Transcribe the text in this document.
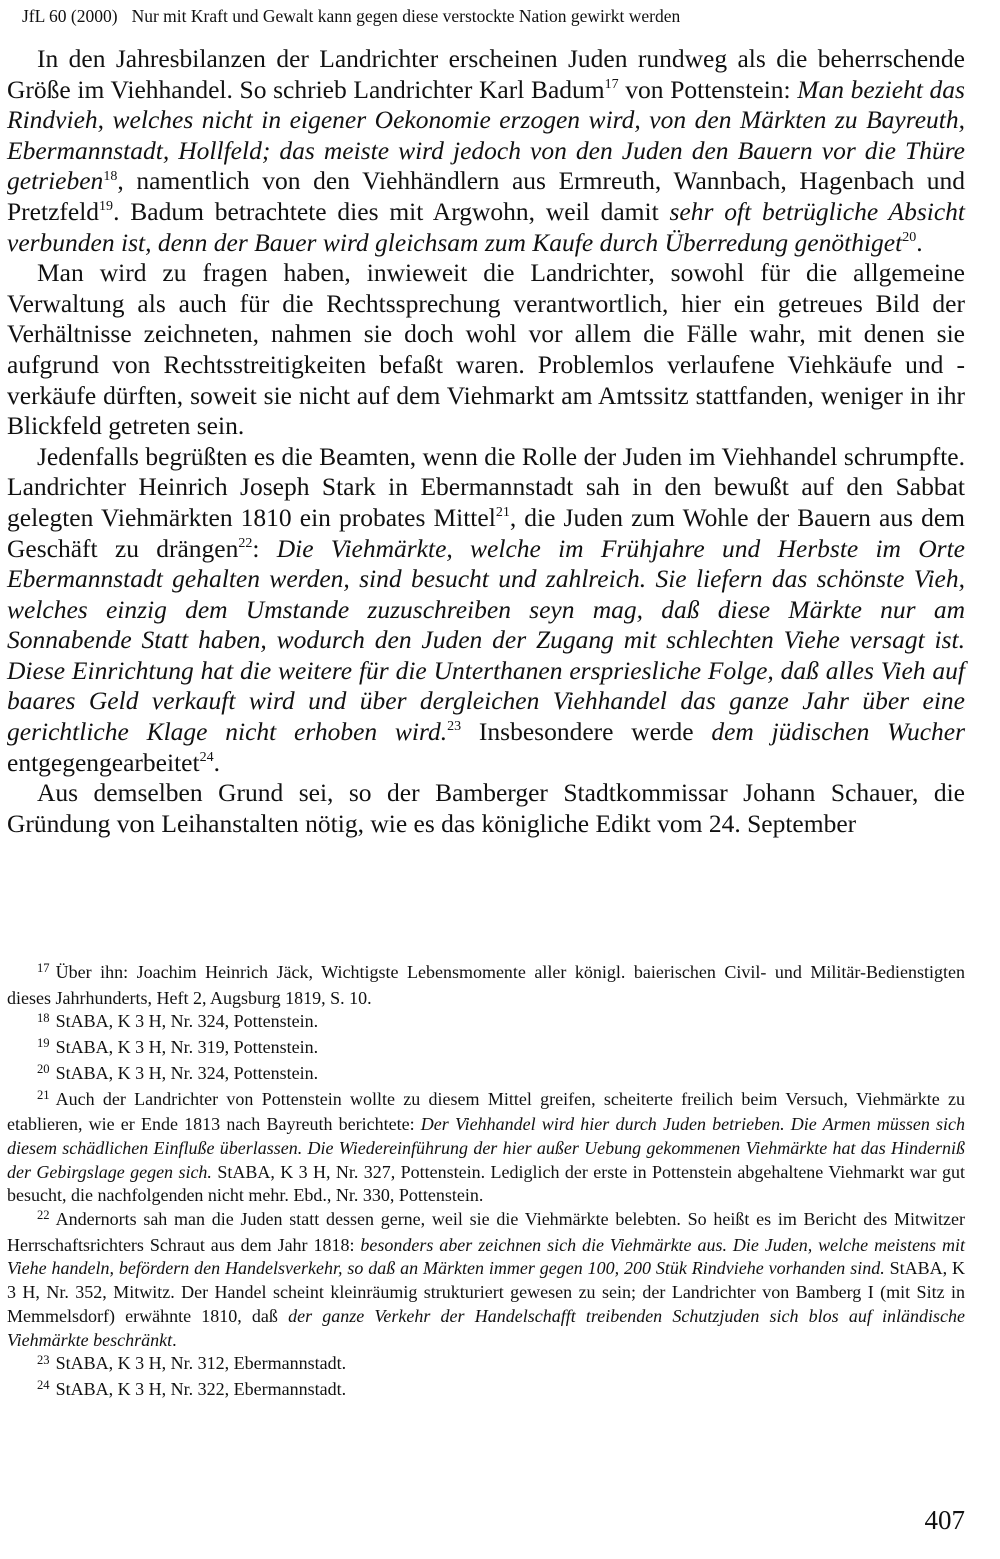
JfL 60 (2000) Nur mit Kraft und Gewalt kann gegen diese verstockte Nation gewirkt werden

In den Jahresbilanzen der Landrichter erscheinen Juden rundweg als die beherrschende Größe im Viehhandel. So schrieb Landrichter Karl Badum$^{17}$ von Pottenstein: Man bezieht das Rindvieh, welches nicht in eigener Oekonomie erzogen wird, von den Märkten zu Bayreuth, Ebermannstadt, Hollfeld; das meiste wird jedoch von den Juden den Bauern vor die Thüre getrieben$^{18}$, namentlich von den Viehhändlern aus Ermreuth, Wannbach, Hagenbach und Pretzfeld$^{19}$. Badum betrachtete dies mit Argwohn, weil damit sehr oft betrügliche Absicht verbunden ist, denn der Bauer wird gleichsam zum Kaufe durch Überredung genöthiget$^{20}$.

Man wird zu fragen haben, inwieweit die Landrichter, sowohl für die allgemeine Verwaltung als auch für die Rechtssprechung verantwortlich, hier ein getreues Bild der Verhältnisse zeichneten, nahmen sie doch wohl vor allem die Fälle wahr, mit denen sie aufgrund von Rechtsstreitigkeiten befaßt waren. Problemlos verlaufene Viehkäufe und -verkäufe dürften, soweit sie nicht auf dem Viehmarkt am Amtssitz stattfanden, weniger in ihr Blickfeld getreten sein.

Jedenfalls begrüßten es die Beamten, wenn die Rolle der Juden im Viehhandel schrumpfte. Landrichter Heinrich Joseph Stark in Ebermannstadt sah in den bewußt auf den Sabbat gelegten Viehmärkten 1810 ein probates Mittel$^{21}$, die Juden zum Wohle der Bauern aus dem Geschäft zu drängen$^{22}$: Die Viehmärkte, welche im Frühjahre und Herbste im Orte Ebermannstadt gehalten werden, sind besucht und zahlreich. Sie liefern das schönste Vieh, welches einzig dem Umstande zuzuschreiben seyn mag, daß diese Märkte nur am Sonnabende Statt haben, wodurch den Juden der Zugang mit schlechten Viehe versagt ist. Diese Einrichtung hat die weitere für die Unterthanen erspriesliche Folge, daß alles Vieh auf baares Geld verkauft wird und über dergleichen Viehhandel das ganze Jahr über eine gerichtliche Klage nicht erhoben wird.$^{23}$ Insbesondere werde dem jüdischen Wucher entgegengearbeitet$^{24}$.

Aus demselben Grund sei, so der Bamberger Stadtkommissar Johann Schauer, die Gründung von Leihanstalten nötig, wie es das königliche Edikt vom 24. September

$^{17}$ Über ihn: Joachim Heinrich Jäck, Wichtigste Lebensmomente aller königl. baierischen Civil- und Militär-Bedienstigten dieses Jahrhunderts, Heft 2, Augsburg 1819, S. 10.

$^{18}$ StABA, K 3 H, Nr. 324, Pottenstein.

$^{19}$ StABA, K 3 H, Nr. 319, Pottenstein.

$^{20}$ StABA, K 3 H, Nr. 324, Pottenstein.

$^{21}$ Auch der Landrichter von Pottenstein wollte zu diesem Mittel greifen, scheiterte freilich beim Versuch, Viehmärkte zu etablieren, wie er Ende 1813 nach Bayreuth berichtete: Der Viehhandel wird hier durch Juden betrieben. Die Armen müssen sich diesem schädlichen Einfluße überlassen. Die Wiedereinführung der hier außer Uebung gekommenen Viehmärkte hat das Hinderniß der Gebirgslage gegen sich. StABA, K 3 H, Nr. 327, Pottenstein. Lediglich der erste in Pottenstein abgehaltene Viehmarkt war gut besucht, die nachfolgenden nicht mehr. Ebd., Nr. 330, Pottenstein.

$^{22}$ Andernorts sah man die Juden statt dessen gerne, weil sie die Viehmärkte belebten. So heißt es im Bericht des Mitwitzer Herrschaftsrichters Schraut aus dem Jahr 1818: besonders aber zeichnen sich die Viehmärkte aus. Die Juden, welche meistens mit Viehe handeln, befördern den Handelsverkehr, so daß an Märkten immer gegen 100, 200 Stük Rindviehe vorhanden sind. StABA, K 3 H, Nr. 352, Mitwitz. Der Handel scheint kleinräumig strukturiert gewesen zu sein; der Landrichter von Bamberg I (mit Sitz in Memmelsdorf) erwähnte 1810, daß der ganze Verkehr der Handelschafft treibenden Schutzjuden sich blos auf inländische Viehmärkte beschränkt.

$^{23}$ StABA, K 3 H, Nr. 312, Ebermannstadt.

$^{24}$ StABA, K 3 H, Nr. 322, Ebermannstadt.

407
